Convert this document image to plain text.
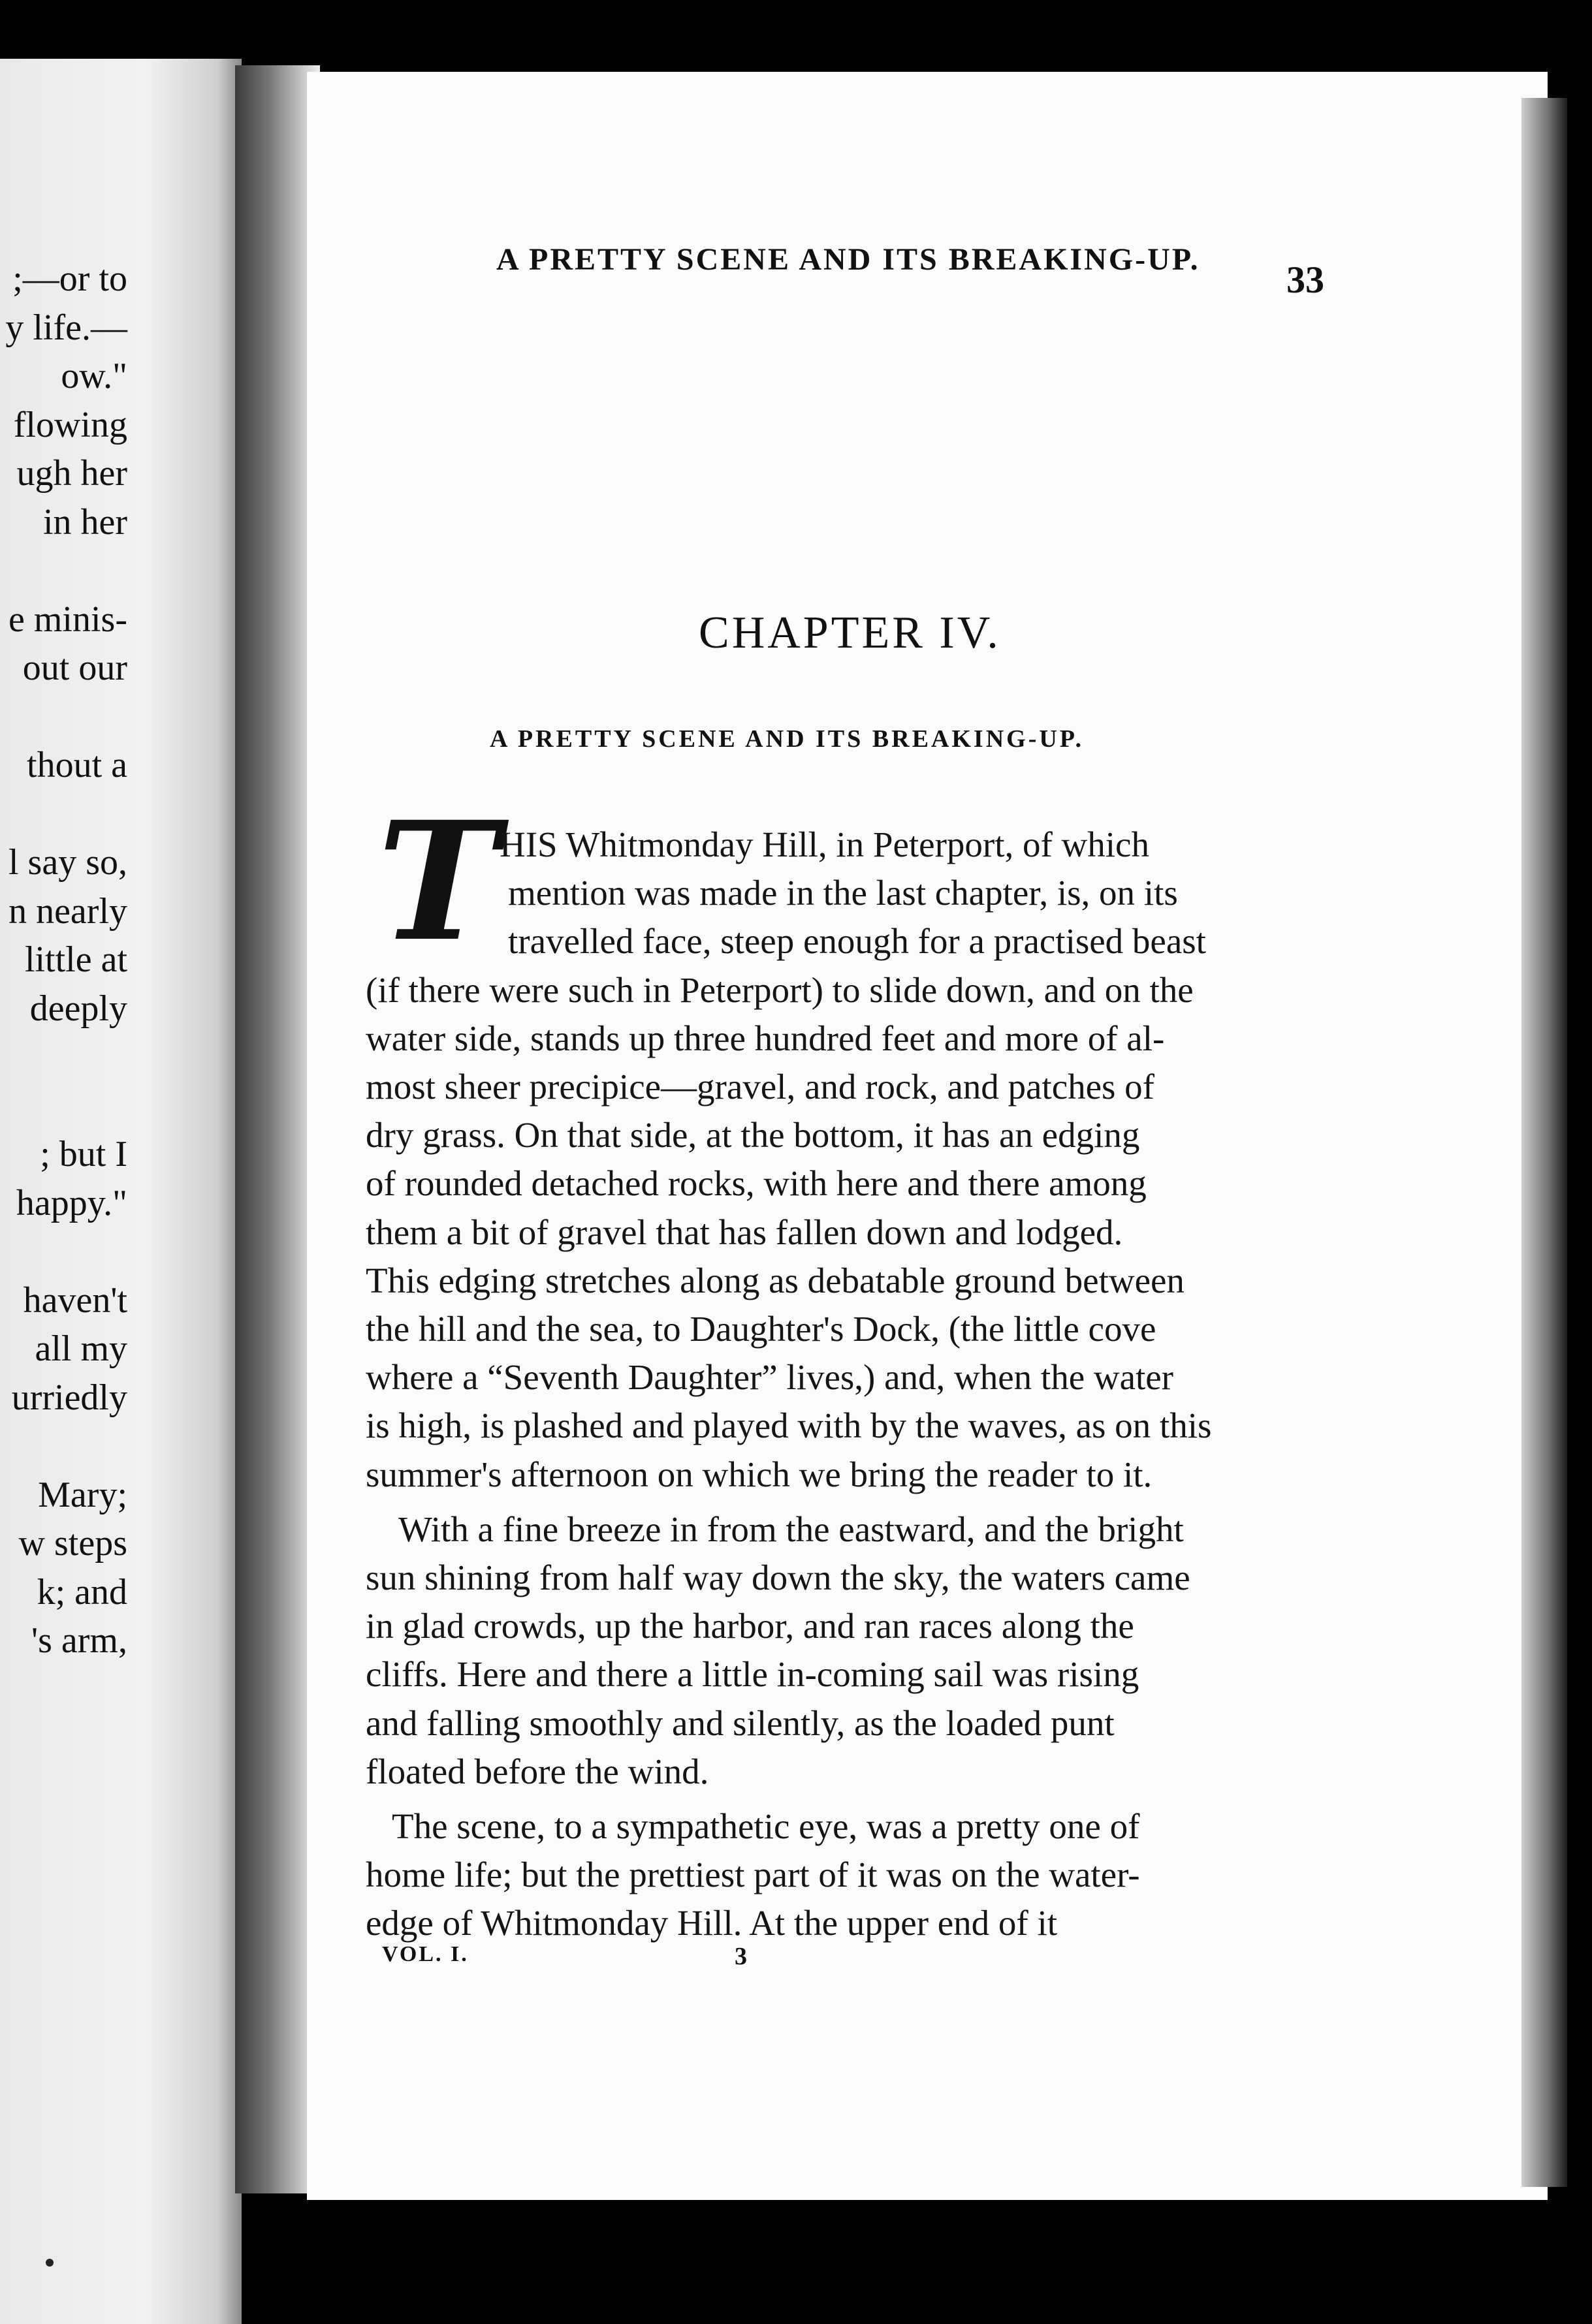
;—or to
y life.—
ow."
flowing
ugh her
in her
e minis-
out our
thout a
l say so,
n nearly
little at
deeply
; but I
happy."
haven't
all my
urriedly
Mary;
w steps
k; and
's arm,
A PRETTY SCENE AND ITS BREAKING-UP. 33
CHAPTER IV.
A PRETTY SCENE AND ITS BREAKING-UP.
T HIS Whitmonday Hill, in Peterport, of which
mention was made in the last chapter, is, on its
travelled face, steep enough for a practised beast
(if there were such in Peterport) to slide down, and on the
water side, stands up three hundred feet and more of al-
most sheer precipice—gravel, and rock, and patches of
dry grass. On that side, at the bottom, it has an edging
of rounded detached rocks, with here and there among
them a bit of gravel that has fallen down and lodged.
This edging stretches along as debatable ground between
the hill and the sea, to Daughter's Dock, (the little cove
where a “Seventh Daughter” lives,) and, when the water
is high, is plashed and played with by the waves, as on this
summer's afternoon on which we bring the reader to it.
With a fine breeze in from the eastward, and the bright
sun shining from half way down the sky, the waters came
in glad crowds, up the harbor, and ran races along the
cliffs. Here and there a little in-coming sail was rising
and falling smoothly and silently, as the loaded punt
floated before the wind.
The scene, to a sympathetic eye, was a pretty one of
home life; but the prettiest part of it was on the water-
edge of Whitmonday Hill. At the upper end of it
VOL. I.	3
